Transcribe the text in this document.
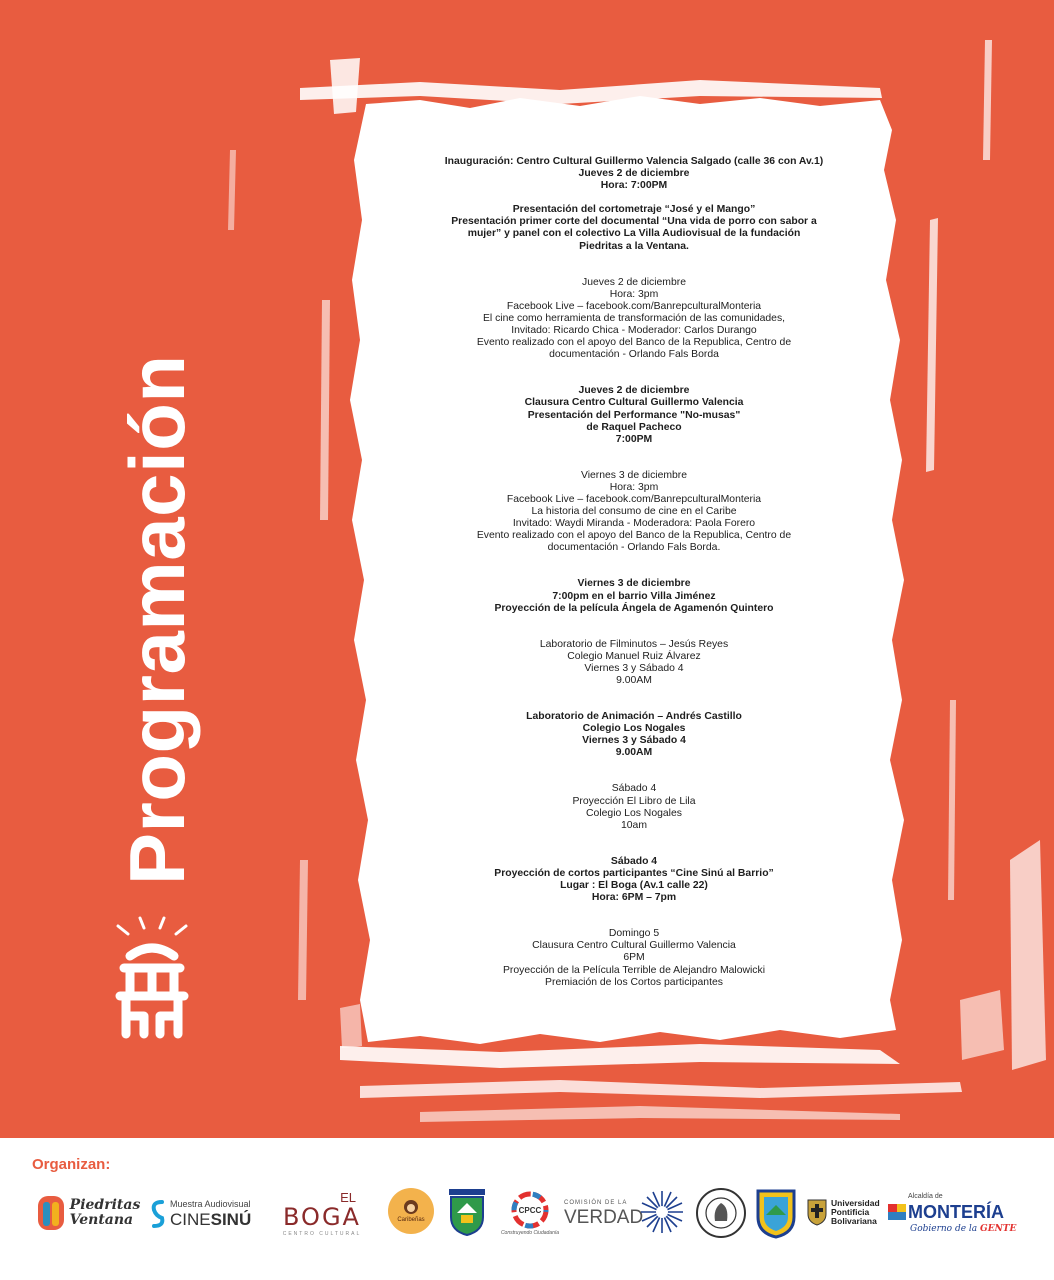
Programación

Inauguración: Centro Cultural Guillermo Valencia Salgado (calle 36 con Av.1)

Jueves 2 de diciembre

Hora: 7:00PM

Presentación del cortometraje “José y el Mango”

Presentación primer corte del documental “Una vida de porro con sabor a

mujer” y panel con el colectivo La Villa Audiovisual de la fundación

Piedritas a la Ventana.

Jueves 2 de diciembre

Hora: 3pm

Facebook Live – facebook.com/BanrepculturalMonteria

El cine como herramienta de transformación de las comunidades,

Invitado: Ricardo Chica - Moderador: Carlos Durango

Evento realizado con el apoyo del Banco de la Republica, Centro de

documentación - Orlando Fals Borda

Jueves 2 de diciembre

Clausura Centro Cultural Guillermo Valencia

Presentación del Performance "No-musas"

de Raquel Pacheco

7:00PM

Viernes 3 de diciembre

Hora: 3pm

Facebook Live – facebook.com/BanrepculturalMonteria

La historia del consumo de cine en el Caribe

Invitado: Waydi Miranda - Moderadora: Paola Forero

Evento realizado con el apoyo del Banco de la Republica, Centro de

documentación - Orlando Fals Borda.

Viernes 3 de diciembre

7:00pm en el barrio Villa Jiménez

Proyección de la película Ángela de Agamenón Quintero

Laboratorio de Filminutos – Jesús Reyes

Colegio Manuel Ruiz Álvarez

Viernes 3 y Sábado 4

9.00AM

Laboratorio de Animación – Andrés Castillo

Colegio Los Nogales

Viernes 3 y Sábado 4

9.00AM

Sábado 4

Proyección El Libro de Lila

Colegio Los Nogales

10am

Sábado 4

Proyección de cortos participantes “Cine Sinú al Barrio”

Lugar : El Boga (Av.1 calle 22)

Hora: 6PM – 7pm

Domingo 5

Clausura Centro Cultural Guillermo Valencia

6PM

Proyección de la Película Terrible de Alejandro Malowicki

Premiación de los Cortos participantes

Organizan:
Piedritas
Ventana
Muestra Audiovisual
CINESINÚ
EL
BOGA
CENTRO CULTURAL
Caribeñas
CPCC
Construyendo Ciudadanía
COMISIÓN DE LA
VERDAD
Universidad
Pontificia
Bolivariana
Alcaldía de
MONTERÍA
Gobierno de la GENTE
